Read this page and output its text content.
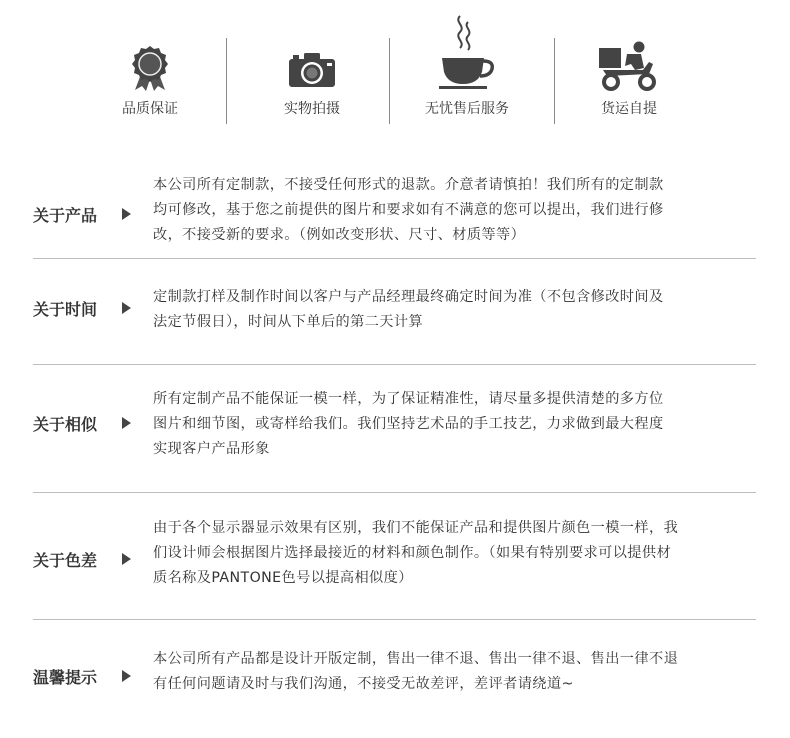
品质保证	实物拍摄	无忧售后服务	货运自提
关于产品
本公司所有定制款，不接受任何形式的退款。介意者请慎拍！我们所有的定制款
均可修改，基于您之前提供的图片和要求如有不满意的您可以提出，我们进行修
改，不接受新的要求。（例如改变形状、尺寸、材质等等）
关于时间
定制款打样及制作时间以客户与产品经理最终确定时间为准（不包含修改时间及
法定节假日），时间从下单后的第二天计算
关于相似
所有定制产品不能保证一模一样，为了保证精准性，请尽量多提供清楚的多方位
图片和细节图，或寄样给我们。我们坚持艺术品的手工技艺，力求做到最大程度
实现客户产品形象
关于色差
由于各个显示器显示效果有区别，我们不能保证产品和提供图片颜色一模一样，我
们设计师会根据图片选择最接近的材料和颜色制作。（如果有特别要求可以提供材
质名称及PANTONE色号以提高相似度）
温馨提示
本公司所有产品都是设计开版定制，售出一律不退、售出一律不退、售出一律不退
有任何问题请及时与我们沟通，不接受无故差评，差评者请绕道~
